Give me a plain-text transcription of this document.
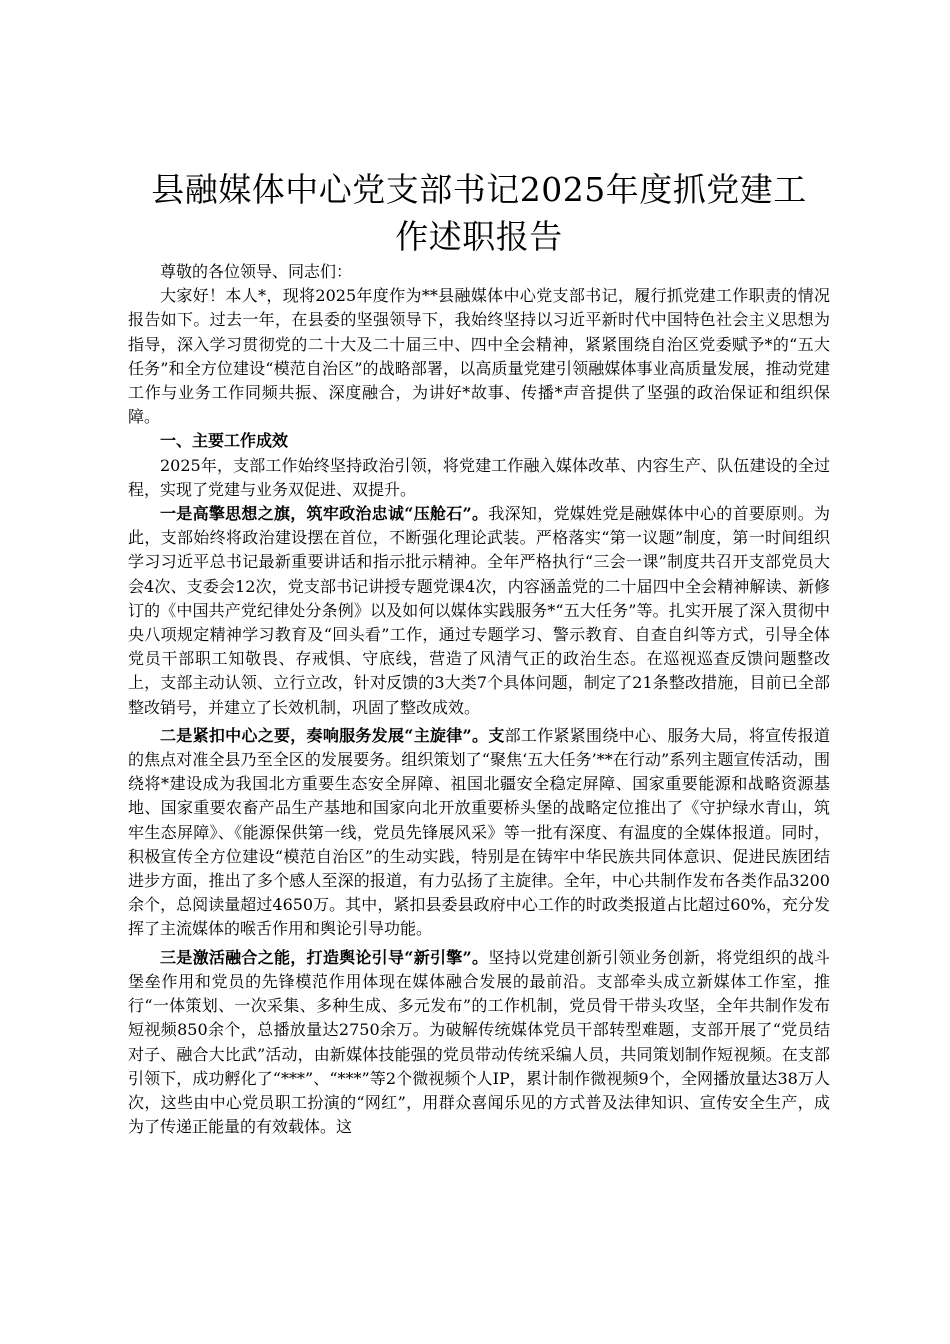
县融媒体中心党支部书记2025年度抓党建工
作述职报告

尊敬的各位领导、同志们：

大家好！本人*，现将2025年度作为**县融媒体中心党支部书记，履行抓党建工作职责的情况报告如下。过去一年，在县委的坚强领导下，我始终坚持以习近平新时代中国特色社会主义思想为指导，深入学习贯彻党的二十大及二十届三中、四中全会精神，紧紧围绕自治区党委赋予*的“五大任务”和全方位建设“模范自治区”的战略部署，以高质量党建引领融媒体事业高质量发展，推动党建工作与业务工作同频共振、深度融合，为讲好*故事、传播*声音提供了坚强的政治保证和组织保障。

一、主要工作成效

2025年，支部工作始终坚持政治引领，将党建工作融入媒体改革、内容生产、队伍建设的全过程，实现了党建与业务双促进、双提升。

一是高擎思想之旗，筑牢政治忠诚“压舱石”。我深知，党媒姓党是融媒体中心的首要原则。为此，支部始终将政治建设摆在首位，不断强化理论武装。严格落实“第一议题”制度，第一时间组织学习习近平总书记最新重要讲话和指示批示精神。全年严格执行“三会一课”制度共召开支部党员大会4次、支委会12次，党支部书记讲授专题党课4次，内容涵盖党的二十届四中全会精神解读、新修订的《中国共产党纪律处分条例》以及如何以媒体实践服务*“五大任务”等。扎实开展了深入贯彻中央八项规定精神学习教育及“回头看”工作，通过专题学习、警示教育、自查自纠等方式，引导全体党员干部职工知敬畏、存戒惧、守底线，营造了风清气正的政治生态。在巡视巡查反馈问题整改上，支部主动认领、立行立改，针对反馈的3大类7个具体问题，制定了21条整改措施，目前已全部整改销号，并建立了长效机制，巩固了整改成效。

二是紧扣中心之要，奏响服务发展“主旋律”。支部工作紧紧围绕中心、服务大局，将宣传报道的焦点对准全县乃至全区的发展要务。组织策划了“聚焦‘五大任务’**在行动”系列主题宣传活动，围绕将*建设成为我国北方重要生态安全屏障、祖国北疆安全稳定屏障、国家重要能源和战略资源基地、国家重要农畜产品生产基地和国家向北开放重要桥头堡的战略定位推出了《守护绿水青山，筑牢生态屏障》、《能源保供第一线，党员先锋展风采》等一批有深度、有温度的全媒体报道。同时，积极宣传全方位建设“模范自治区”的生动实践，特别是在铸牢中华民族共同体意识、促进民族团结进步方面，推出了多个感人至深的报道，有力弘扬了主旋律。全年，中心共制作发布各类作品3200余个，总阅读量超过4650万。其中，紧扣县委县政府中心工作的时政类报道占比超过60%，充分发挥了主流媒体的喉舌作用和舆论引导功能。

三是激活融合之能，打造舆论引导“新引擎”。坚持以党建创新引领业务创新，将党组织的战斗堡垒作用和党员的先锋模范作用体现在媒体融合发展的最前沿。支部牵头成立新媒体工作室，推行“一体策划、一次采集、多种生成、多元发布”的工作机制，党员骨干带头攻坚，全年共制作发布短视频850余个，总播放量达2750余万。为破解传统媒体党员干部转型难题，支部开展了“党员结对子、融合大比武”活动，由新媒体技能强的党员带动传统采编人员，共同策划制作短视频。在支部引领下，成功孵化了“***”、“***”等2个微视频个人IP，累计制作微视频9个，全网播放量达38万人次，这些由中心党员职工扮演的“网红”，用群众喜闻乐见的方式普及法律知识、宣传安全生产，成为了传递正能量的有效载体。这
